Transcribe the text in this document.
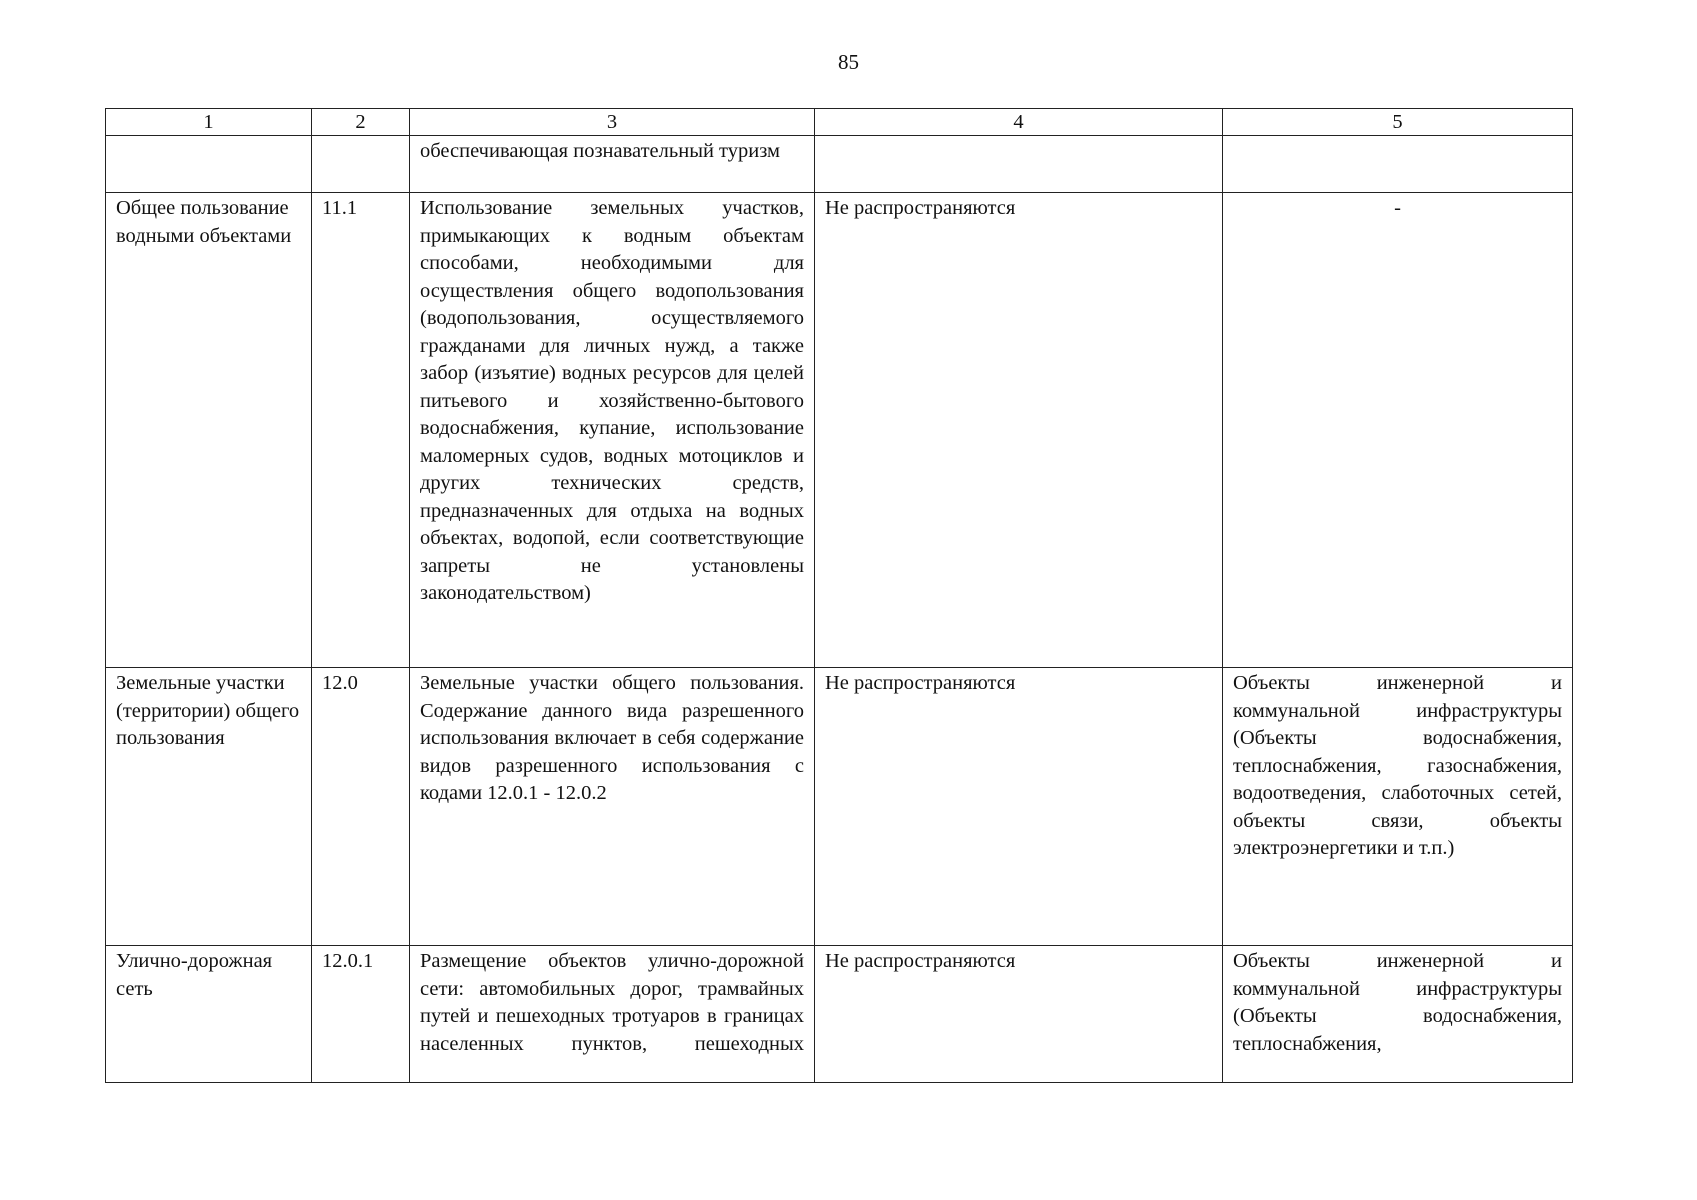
85
1	2	3	4	5
		обеспечивающая познавательный туризм		
Общее пользование водными объектами	11.1	Использование земельных участков, примыкающих к водным объектам способами, необходимыми для осуществления общего водопользования (водопользования, осуществляемого гражданами для личных нужд, а также забор (изъятие) водных ресурсов для целей питьевого и хозяйственно-бытового водоснабжения, купание, использование маломерных судов, водных мотоциклов и других технических средств, предназначенных для отдыха на водных объектах, водопой, если соответствующие запреты не установлены законодательством)	Не распространяются	-
Земельные участки (территории) общего пользования	12.0	Земельные участки общего пользования. Содержание данного вида разрешенного использования включает в себя содержание видов разрешенного использования с кодами 12.0.1 - 12.0.2	Не распространяются	Объекты инженерной и коммунальной инфраструктуры (Объекты водоснабжения, теплоснабжения, газоснабжения, водоотведения, слаботочных сетей, объекты связи, объекты электроэнергетики и т.п.)
Улично-дорожная сеть	12.0.1	Размещение объектов улично-дорожной сети: автомобильных дорог, трамвайных путей и пешеходных тротуаров в границах населенных пунктов, пешеходных	Не распространяются	Объекты инженерной и коммунальной инфраструктуры (Объекты водоснабжения, теплоснабжения,
